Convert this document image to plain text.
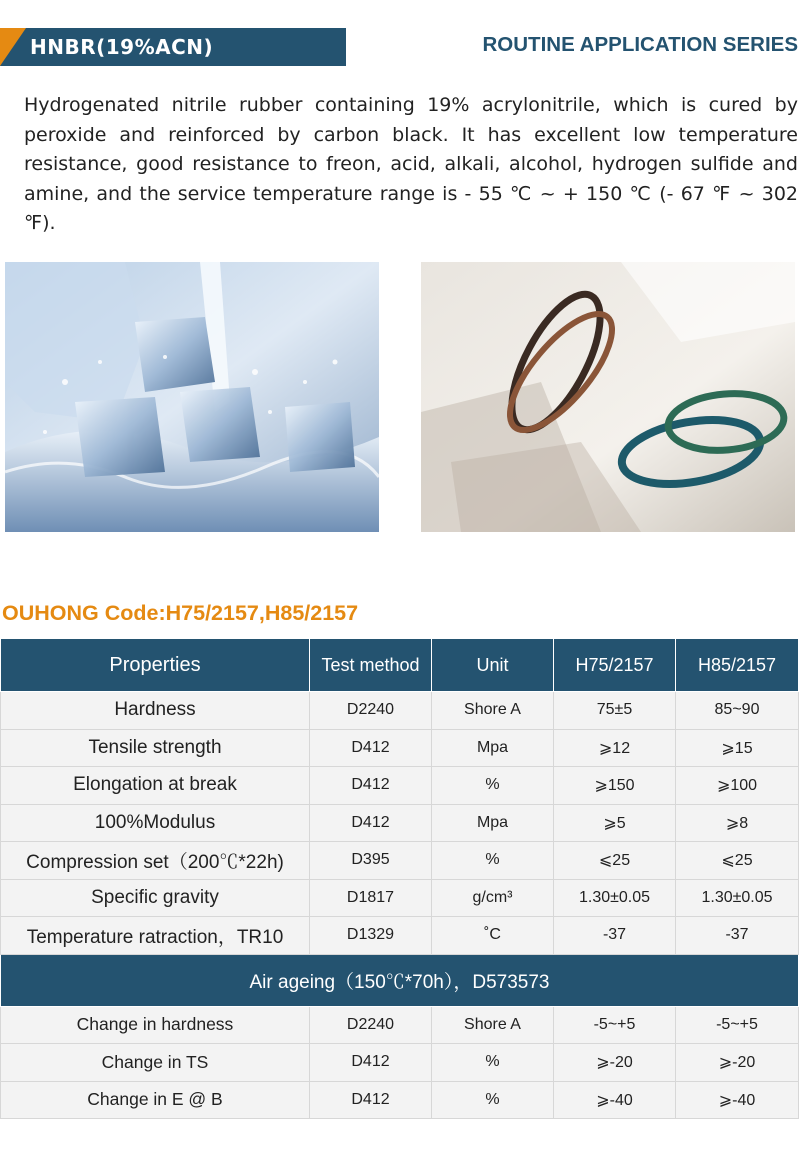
HNBR(19%ACN)	ROUTINE APPLICATION SERIES
Hydrogenated nitrile rubber containing 19% acrylonitrile, which is cured by peroxide and reinforced by carbon black. It has excellent low temperature resistance, good resistance to freon, acid, alkali, alcohol, hydrogen sulfide and amine, and the service temperature range is - 55 ℃ ~ + 150 ℃ (- 67 ℉ ~ 302 ℉).
OUHONG Code:H75/2157,H85/2157
Properties	Test method	Unit	H75/2157	H85/2157
Hardness	D2240	Shore A	75±5	85~90
Tensile strength	D412	Mpa	⩾12	⩾15
Elongation at break	D412	%	⩾150	⩾100
100%Modulus	D412	Mpa	⩾5	⩾8
Compression set（200℃*22h)	D395	%	⩽25	⩽25
Specific gravity	D1817	g/cm³	1.30±0.05	1.30±0.05
Temperature ratraction，TR10	D1329	˚C	-37	-37
Air ageing（150℃*70h），D573573				
Change in hardness	D2240	Shore A	-5~+5	-5~+5
Change in TS	D412	%	⩾-20	⩾-20
Change in E @ B	D412	%	⩾-40	⩾-40
